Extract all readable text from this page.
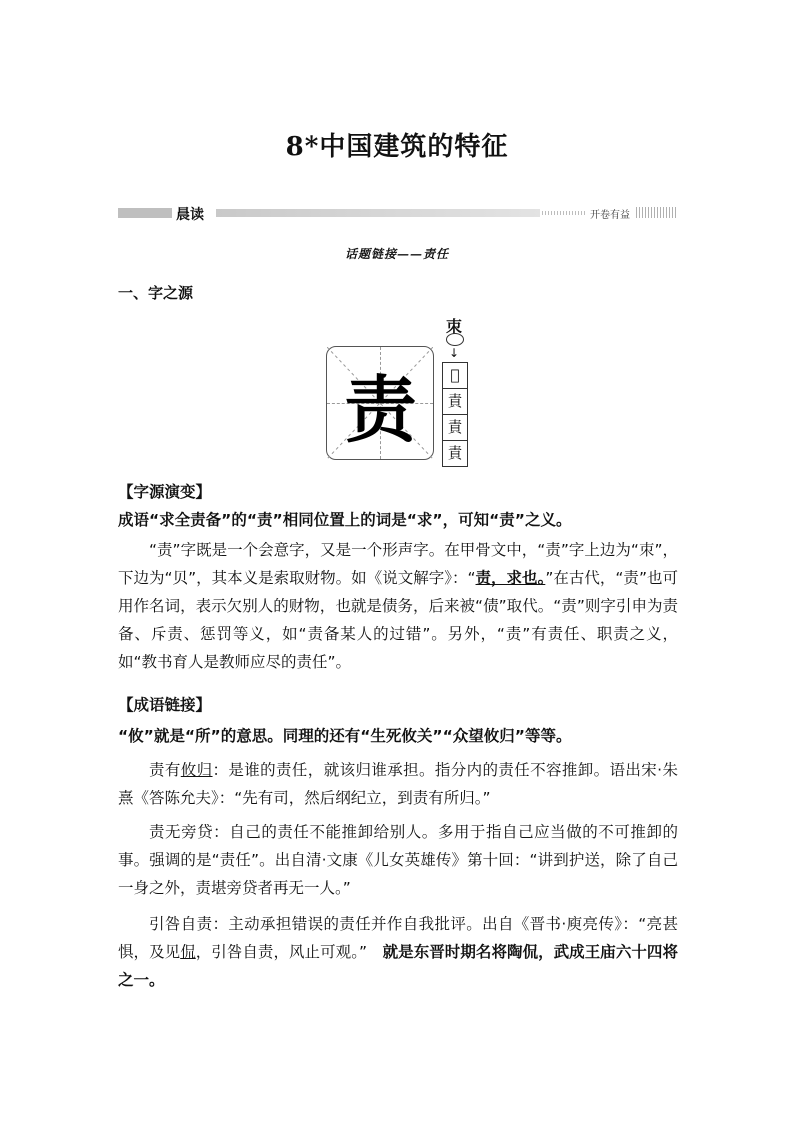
8*中国建筑的特征
晨读	开卷有益
话题链接——责任
一、字之源
责
朿
↓
𠕽
責
責
責

【字源演变】

成语“求全责备”的“责”相同位置上的词是“求”，可知“责”之义。

“责”字既是一个会意字，又是一个形声字。在甲骨文中，“责”字上边为“朿”，下边为“贝”，其本义是索取财物。如《说文解字》：“责，求也。”在古代，“责”也可用作名词，表示欠别人的财物，也就是债务，后来被“债”取代。“责”则字引申为责备、斥责、惩罚等义，如“责备某人的过错”。另外，“责”有责任、职责之义，如“教书育人是教师应尽的责任”。

【成语链接】

“攸”就是“所”的意思。同理的还有“生死攸关”“众望攸归”等等。

责有攸归：是谁的责任，就该归谁承担。指分内的责任不容推卸。语出宋·朱熹《答陈允夫》：“先有司，然后纲纪立，到责有所归。”

责无旁贷：自己的责任不能推卸给别人。多用于指自己应当做的不可推卸的事。强调的是“责任”。出自清·文康《儿女英雄传》第十回：“讲到护送，除了自己一身之外，责堪旁贷者再无一人。”

引咎自责：主动承担错误的责任并作自我批评。出自《晋书·庾亮传》：“亮甚惧，及见侃，引咎自责，风止可观。”　就是东晋时期名将陶侃，武成王庙六十四将之一。
